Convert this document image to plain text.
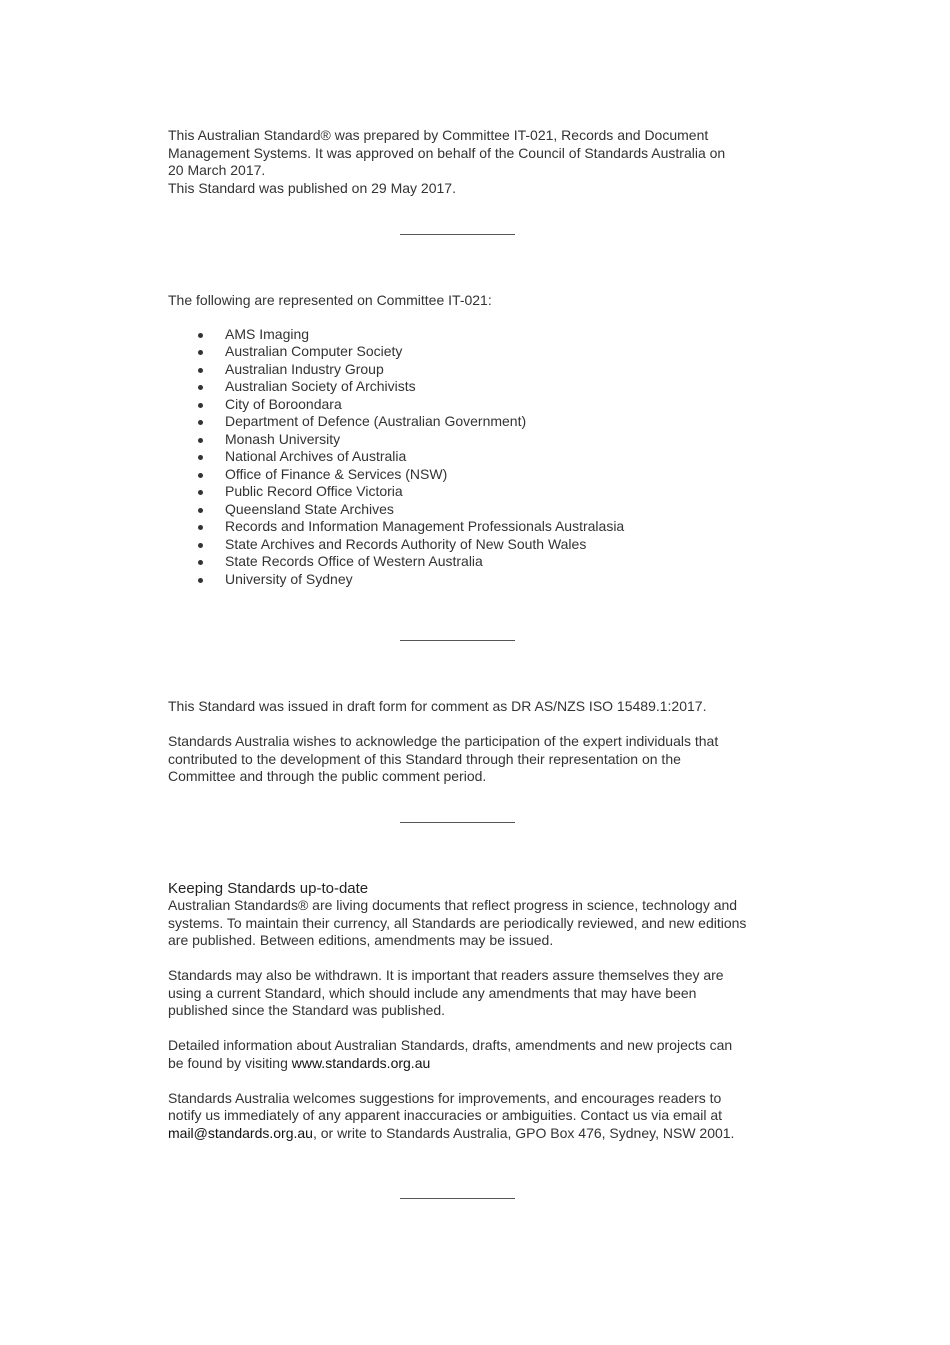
This Australian Standard® was prepared by Committee IT-021, Records and Document

Management Systems. It was approved on behalf of the Council of Standards Australia on

20 March 2017.

This Standard was published on 29 May 2017.

The following are represented on Committee IT-021:

AMS Imaging
Australian Computer Society
Australian Industry Group
Australian Society of Archivists
City of Boroondara
Department of Defence (Australian Government)
Monash University
National Archives of Australia
Office of Finance & Services (NSW)
Public Record Office Victoria
Queensland State Archives
Records and Information Management Professionals Australasia
State Archives and Records Authority of New South Wales
State Records Office of Western Australia
University of Sydney

This Standard was issued in draft form for comment as DR AS/NZS ISO 15489.1:2017.

Standards Australia wishes to acknowledge the participation of the expert individuals that

contributed to the development of this Standard through their representation on the

Committee and through the public comment period.

Keeping Standards up-to-date

Australian Standards® are living documents that reflect progress in science, technology and

systems. To maintain their currency, all Standards are periodically reviewed, and new editions

are published. Between editions, amendments may be issued.

Standards may also be withdrawn. It is important that readers assure themselves they are

using a current Standard, which should include any amendments that may have been

published since the Standard was published.

Detailed information about Australian Standards, drafts, amendments and new projects can

be found by visiting www.standards.org.au

Standards Australia welcomes suggestions for improvements, and encourages readers to

notify us immediately of any apparent inaccuracies or ambiguities. Contact us via email at

mail@standards.org.au, or write to Standards Australia, GPO Box 476, Sydney, NSW 2001.
